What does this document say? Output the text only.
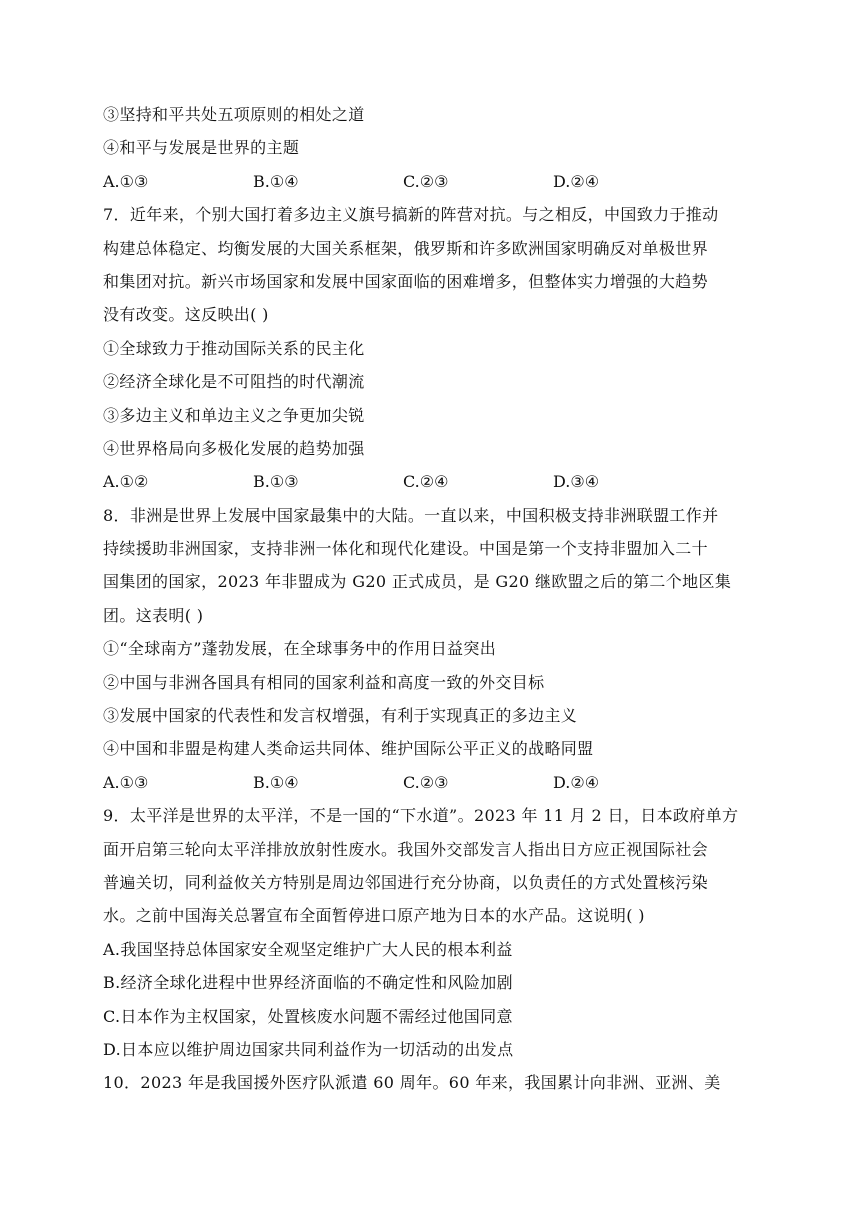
③坚持和平共处五项原则的相处之道
④和平与发展是世界的主题
A.①③	B.①④	C.②③	D.②④
7．近年来，个别大国打着多边主义旗号搞新的阵营对抗。与之相反，中国致力于推动
构建总体稳定、均衡发展的大国关系框架，俄罗斯和许多欧洲国家明确反对单极世界
和集团对抗。新兴市场国家和发展中国家面临的困难增多，但整体实力增强的大趋势
没有改变。这反映出( )
①全球致力于推动国际关系的民主化
②经济全球化是不可阻挡的时代潮流
③多边主义和单边主义之争更加尖锐
④世界格局向多极化发展的趋势加强
A.①②	B.①③	C.②④	D.③④
8．非洲是世界上发展中国家最集中的大陆。一直以来，中国积极支持非洲联盟工作并
持续援助非洲国家，支持非洲一体化和现代化建设。中国是第一个支持非盟加入二十
国集团的国家，2023 年非盟成为 G20 正式成员，是 G20 继欧盟之后的第二个地区集
团。这表明( )
①“全球南方”蓬勃发展，在全球事务中的作用日益突出
②中国与非洲各国具有相同的国家利益和高度一致的外交目标
③发展中国家的代表性和发言权增强，有利于实现真正的多边主义
④中国和非盟是构建人类命运共同体、维护国际公平正义的战略同盟
A.①③	B.①④	C.②③	D.②④
9．太平洋是世界的太平洋，不是一国的“下水道”。2023 年 11 月 2 日，日本政府单方
面开启第三轮向太平洋排放放射性废水。我国外交部发言人指出日方应正视国际社会
普遍关切，同利益攸关方特别是周边邻国进行充分协商，以负责任的方式处置核污染
水。之前中国海关总署宣布全面暂停进口原产地为日本的水产品。这说明( )
A.我国坚持总体国家安全观坚定维护广大人民的根本利益
B.经济全球化进程中世界经济面临的不确定性和风险加剧
C.日本作为主权国家，处置核废水问题不需经过他国同意
D.日本应以维护周边国家共同利益作为一切活动的出发点
10．2023 年是我国援外医疗队派遣 60 周年。60 年来，我国累计向非洲、亚洲、美
